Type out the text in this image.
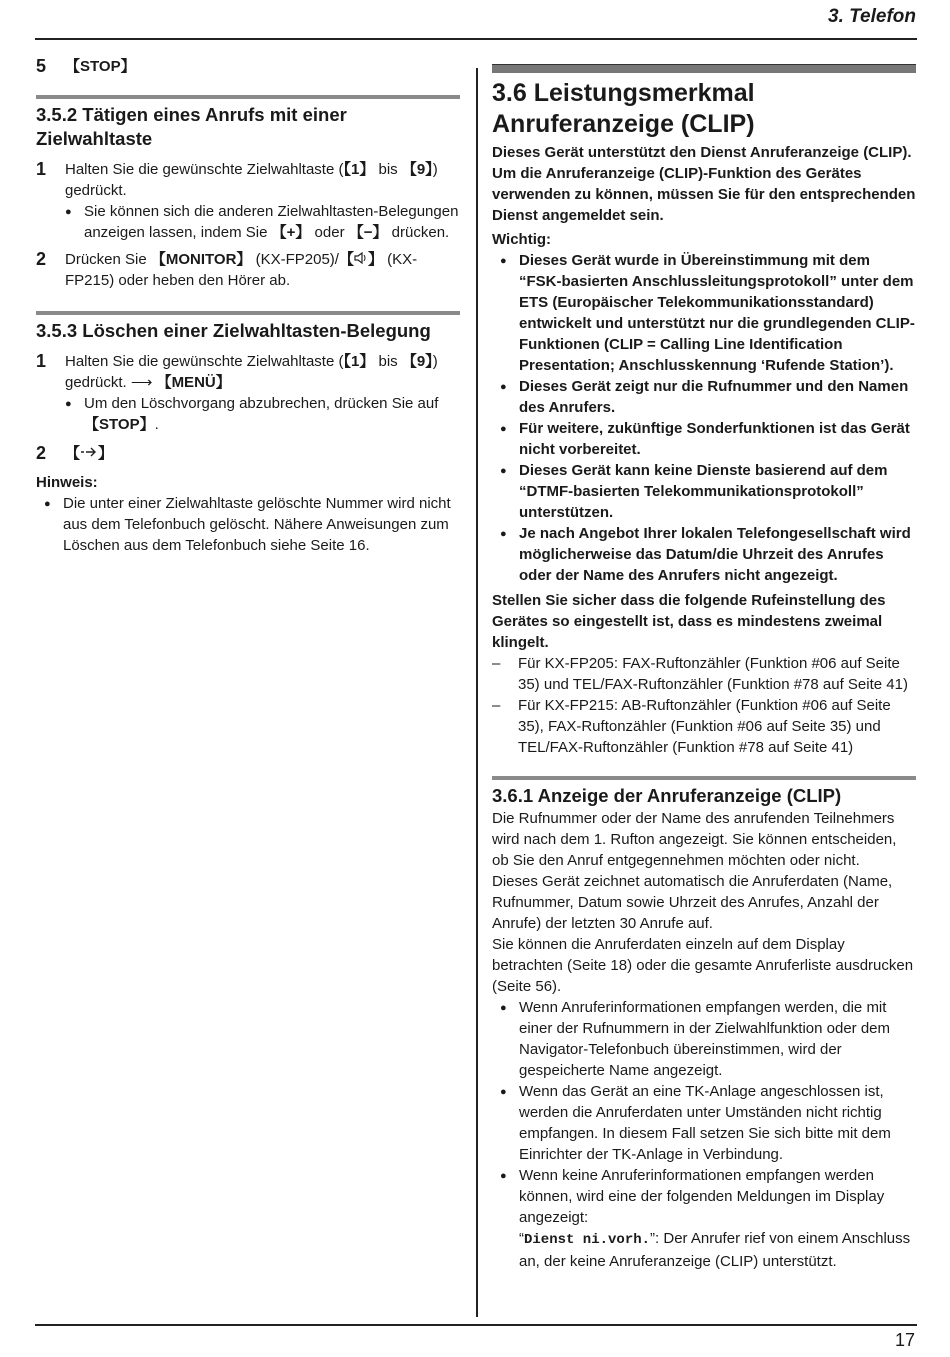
3. Telefon
5	【STOP】
3.5.2 Tätigen eines Anrufs mit einer Zielwahltaste
1	Halten Sie die gewünschte Zielwahltaste (【1】 bis 【9】)
gedrückt.
●
Sie können sich die anderen Zielwahltasten-Belegungen anzeigen lassen, indem Sie 【+】 oder 【−】 drücken.
2	Drücken Sie 【MONITOR】 (KX-FP205)/【 】 (KX-FP215) oder heben den Hörer ab.
3.5.3 Löschen einer Zielwahltasten-Belegung
1	Halten Sie die gewünschte Zielwahltaste (【1】 bis 【9】)
gedrückt. ⟶ 【MENÜ】
●
Um den Löschvorgang abzubrechen, drücken Sie auf 【STOP】.
2	【 】

Hinweis:

●
Die unter einer Zielwahltaste gelöschte Nummer wird nicht aus dem Telefonbuch gelöscht. Nähere Anweisungen zum Löschen aus dem Telefonbuch siehe Seite 16.
3.6 Leistungsmerkmal Anruferanzeige (CLIP)

Dieses Gerät unterstützt den Dienst Anruferanzeige (CLIP). Um die Anruferanzeige (CLIP)-Funktion des Gerätes verwenden zu können, müssen Sie für den entsprechenden Dienst angemeldet sein.

Wichtig:

●
Dieses Gerät wurde in Übereinstimmung mit dem “FSK-basierten Anschlussleitungsprotokoll” unter dem ETS (Europäischer Telekommunikationsstandard) entwickelt und unterstützt nur die grundlegenden CLIP-Funktionen (CLIP = Calling Line Identification Presentation; Anschlusskennung ‘Rufende Station’).
●
Dieses Gerät zeigt nur die Rufnummer und den Namen des Anrufers.
●
Für weitere, zukünftige Sonderfunktionen ist das Gerät nicht vorbereitet.
●
Dieses Gerät kann keine Dienste basierend auf dem “DTMF-basierten Telekommunikationsprotokoll” unterstützen.
●
Je nach Angebot Ihrer lokalen Telefongesellschaft wird möglicherweise das Datum/die Uhrzeit des Anrufes oder der Name des Anrufers nicht angezeigt.

Stellen Sie sicher dass die folgende Rufeinstellung des Gerätes so eingestellt ist, dass es mindestens zweimal klingelt.

–	Für KX-FP205: FAX-Ruftonzähler (Funktion #06 auf Seite 35) und TEL/FAX-Ruftonzähler (Funktion #78 auf Seite 41)
–	Für KX-FP215: AB-Ruftonzähler (Funktion #06 auf Seite 35), FAX-Ruftonzähler (Funktion #06 auf Seite 35) und TEL/FAX-Ruftonzähler (Funktion #78 auf Seite 41)
3.6.1 Anzeige der Anruferanzeige (CLIP)

Die Rufnummer oder der Name des anrufenden Teilnehmers wird nach dem 1. Rufton angezeigt. Sie können entscheiden, ob Sie den Anruf entgegennehmen möchten oder nicht.

Dieses Gerät zeichnet automatisch die Anruferdaten (Name, Rufnummer, Datum sowie Uhrzeit des Anrufes, Anzahl der Anrufe) der letzten 30 Anrufe auf.

Sie können die Anruferdaten einzeln auf dem Display betrachten (Seite 18) oder die gesamte Anruferliste ausdrucken (Seite 56).

●
Wenn Anruferinformationen empfangen werden, die mit einer der Rufnummern in der Zielwahlfunktion oder dem Navigator-Telefonbuch übereinstimmen, wird der gespeicherte Name angezeigt.
●
Wenn das Gerät an eine TK-Anlage angeschlossen ist, werden die Anruferdaten unter Umständen nicht richtig empfangen. In diesem Fall setzen Sie sich bitte mit dem Einrichter der TK-Anlage in Verbindung.
●
Wenn keine Anruferinformationen empfangen werden können, wird eine der folgenden Meldungen im Display angezeigt:
“Dienst ni.vorh.”: Der Anrufer rief von einem Anschluss an, der keine Anruferanzeige (CLIP) unterstützt.
17
